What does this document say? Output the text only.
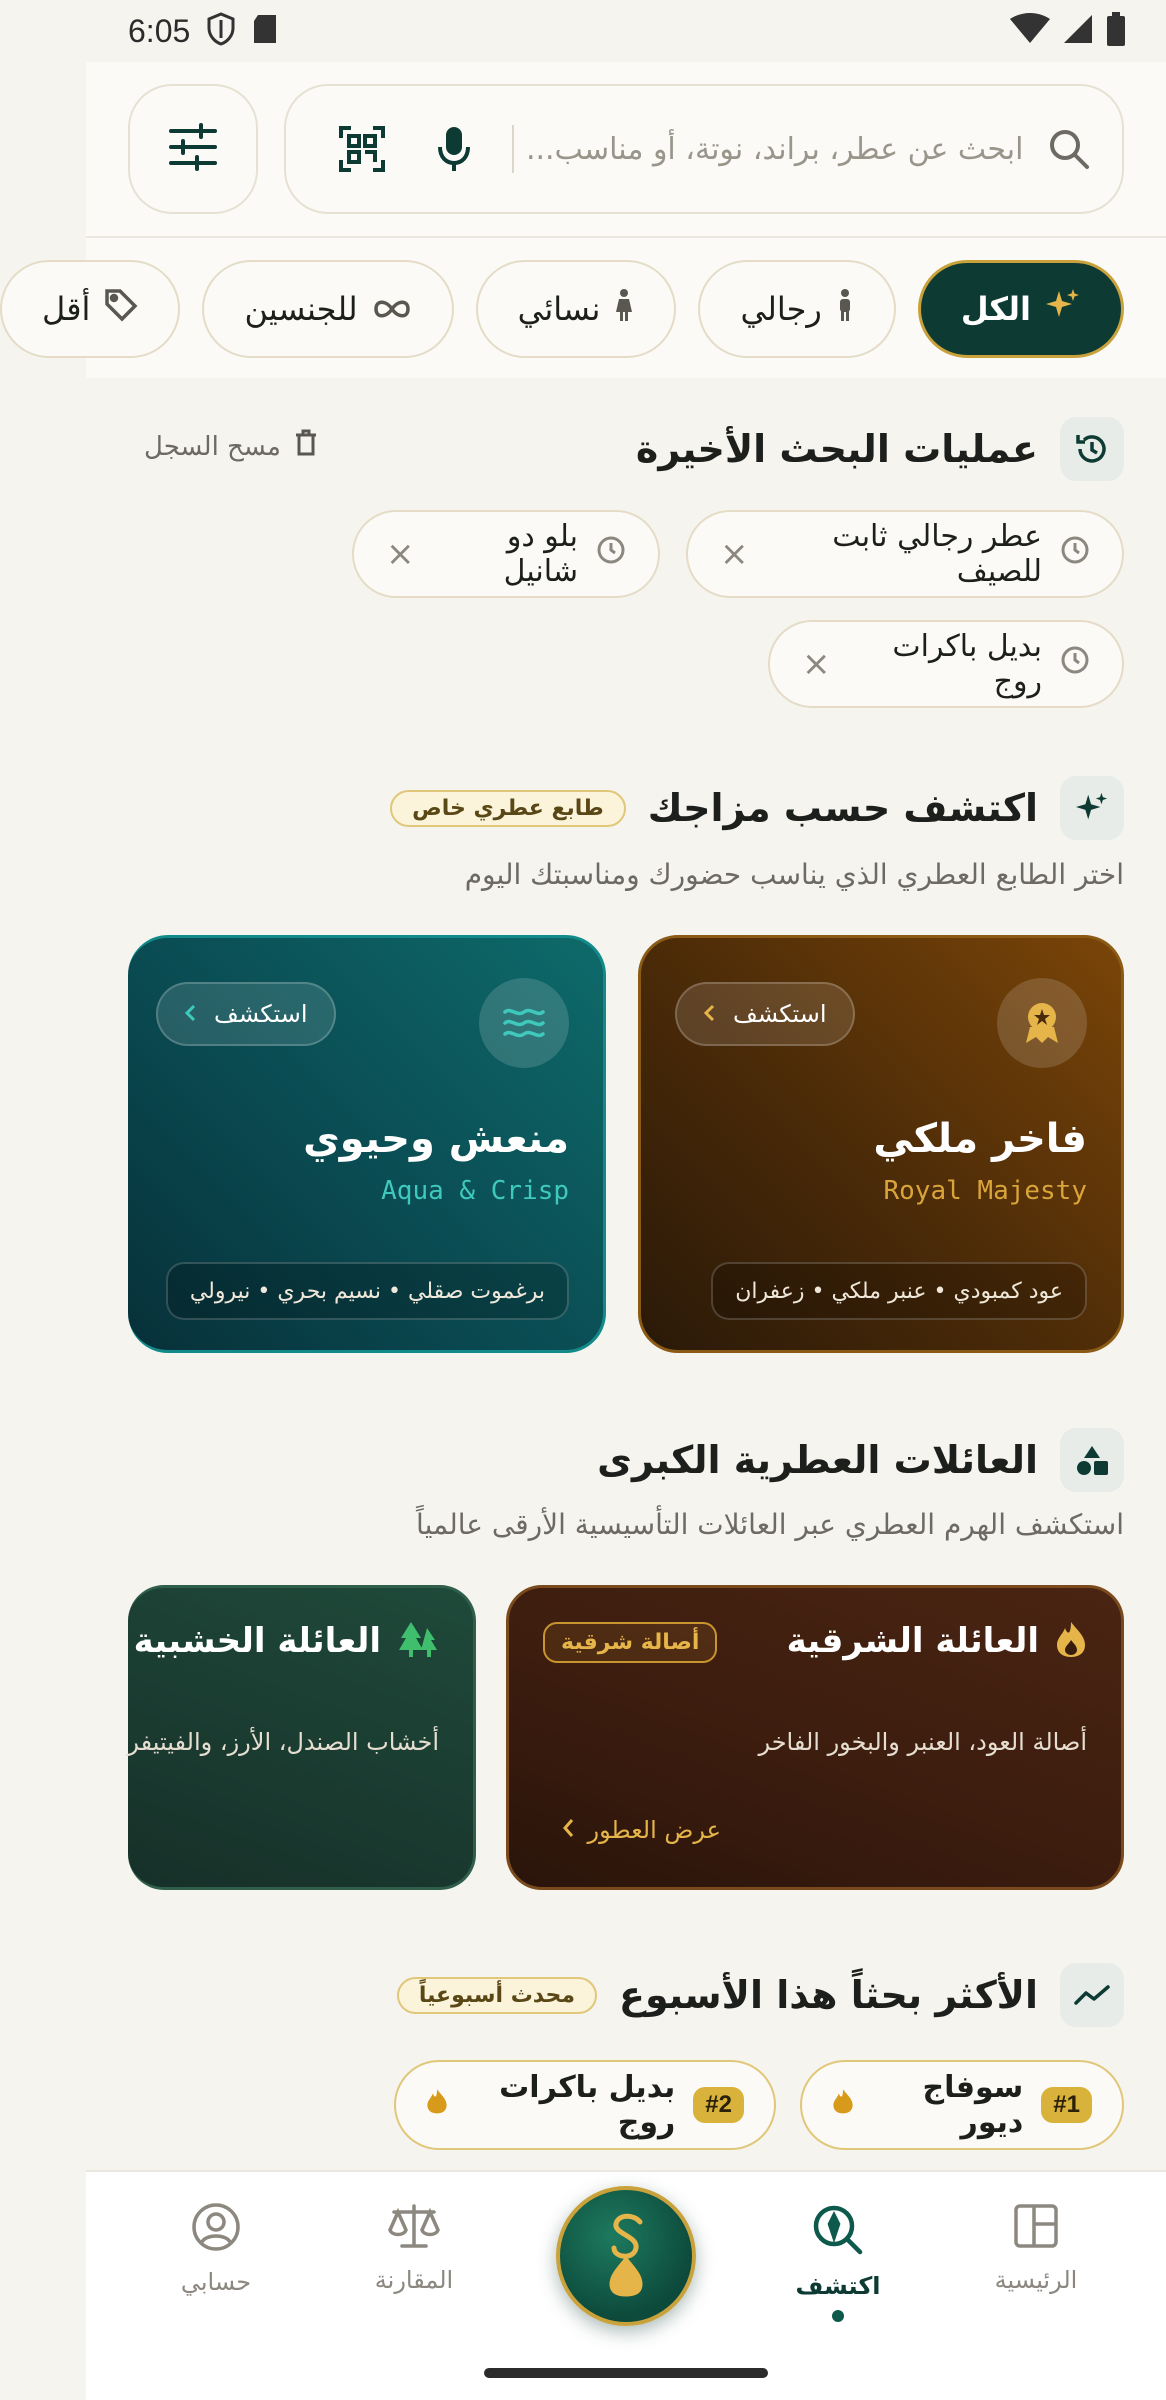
6:05
ابحث عن عطر، براند، نوتة، أو مناسب...
الكل
رجالي
نسائي
للجنسين
أقل
عمليات البحث الأخيرة
مسح السجل
عطر رجالي ثابت للصيف
×
بلو دو شانيل
×
بديل باكرات روج
×
اكتشف حسب مزاجك
طابع عطري خاص
اختر الطابع العطري الذي يناسب حضورك ومناسبتك اليوم
استكشف
فاخر ملكي
Royal Majesty
عود كمبودي • عنبر ملكي • زعفران
استكشف
منعش وحيوي
Aqua & Crisp
برغموت صقلي • نسيم بحري • نيرولي
العائلات العطرية الكبرى
استكشف الهرم العطري عبر العائلات التأسيسية الأرقى عالمياً
العائلة الشرقية
أصالة شرقية
أصالة العود، العنبر والبخور الفاخر
عرض العطور
العائلة الخشبية
أخشاب الصندل، الأرز، والفيتيفر
الأكثر بحثاً هذا الأسبوع
محدث أسبوعياً
#1
سوفاج ديور
#2
بديل باكرات روج
الرئيسية
اكتشف
المقارنة
حسابي
